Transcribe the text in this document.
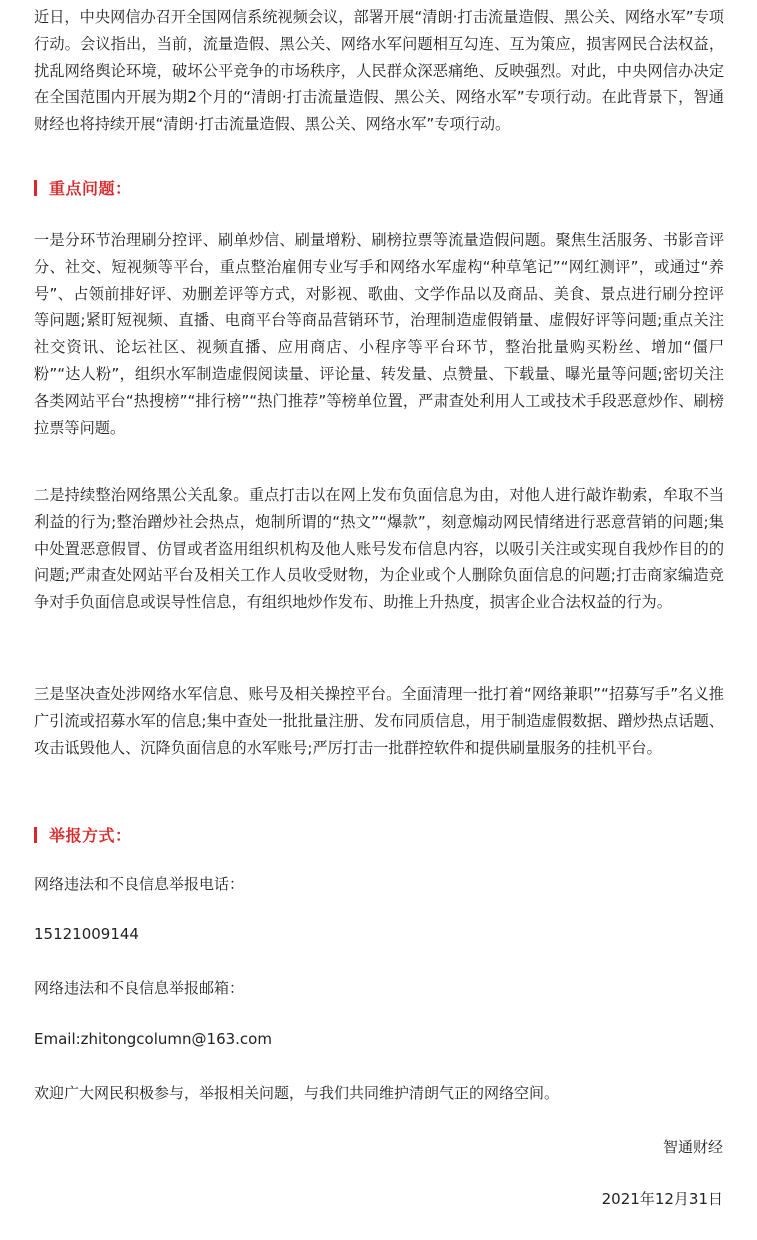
近日，中央网信办召开全国网信系统视频会议，部署开展“清朗·打击流量造假、黑公关、网络水军”专项行动。会议指出，当前，流量造假、黑公关、网络水军问题相互勾连、互为策应，损害网民合法权益，扰乱网络舆论环境，破坏公平竞争的市场秩序，人民群众深恶痛绝、反映强烈。对此，中央网信办决定在全国范围内开展为期2个月的“清朗·打击流量造假、黑公关、网络水军”专项行动。在此背景下，智通财经也将持续开展“清朗·打击流量造假、黑公关、网络水军”专项行动。

重点问题：

一是分环节治理刷分控评、刷单炒信、刷量增粉、刷榜拉票等流量造假问题。聚焦生活服务、书影音评分、社交、短视频等平台，重点整治雇佣专业写手和网络水军虚构“种草笔记”“网红测评”，或通过“养号”、占领前排好评、劝删差评等方式，对影视、歌曲、文学作品以及商品、美食、景点进行刷分控评等问题;紧盯短视频、直播、电商平台等商品营销环节，治理制造虚假销量、虚假好评等问题;重点关注社交资讯、论坛社区、视频直播、应用商店、小程序等平台环节，整治批量购买粉丝、增加“僵尸粉”“达人粉”，组织水军制造虚假阅读量、评论量、转发量、点赞量、下载量、曝光量等问题;密切关注各类网站平台“热搜榜”“排行榜”“热门推荐”等榜单位置，严肃查处利用人工或技术手段恶意炒作、刷榜拉票等问题。

二是持续整治网络黑公关乱象。重点打击以在网上发布负面信息为由，对他人进行敲诈勒索，牟取不当利益的行为;整治蹭炒社会热点，炮制所谓的“热文”“爆款”，刻意煽动网民情绪进行恶意营销的问题;集中处置恶意假冒、仿冒或者盗用组织机构及他人账号发布信息内容，以吸引关注或实现自我炒作目的的问题;严肃查处网站平台及相关工作人员收受财物，为企业或个人删除负面信息的问题;打击商家编造竞争对手负面信息或误导性信息，有组织地炒作发布、助推上升热度，损害企业合法权益的行为。

三是坚决查处涉网络水军信息、账号及相关操控平台。全面清理一批打着“网络兼职”“招募写手”名义推广引流或招募水军的信息;集中查处一批批量注册、发布同质信息，用于制造虚假数据、蹭炒热点话题、攻击诋毁他人、沉降负面信息的水军账号;严厉打击一批群控软件和提供刷量服务的挂机平台。

举报方式：

网络违法和不良信息举报电话：

15121009144

网络违法和不良信息举报邮箱：

Email:zhitongcolumn@163.com

欢迎广大网民积极参与，举报相关问题，与我们共同维护清朗气正的网络空间。

智通财经

2021年12月31日
